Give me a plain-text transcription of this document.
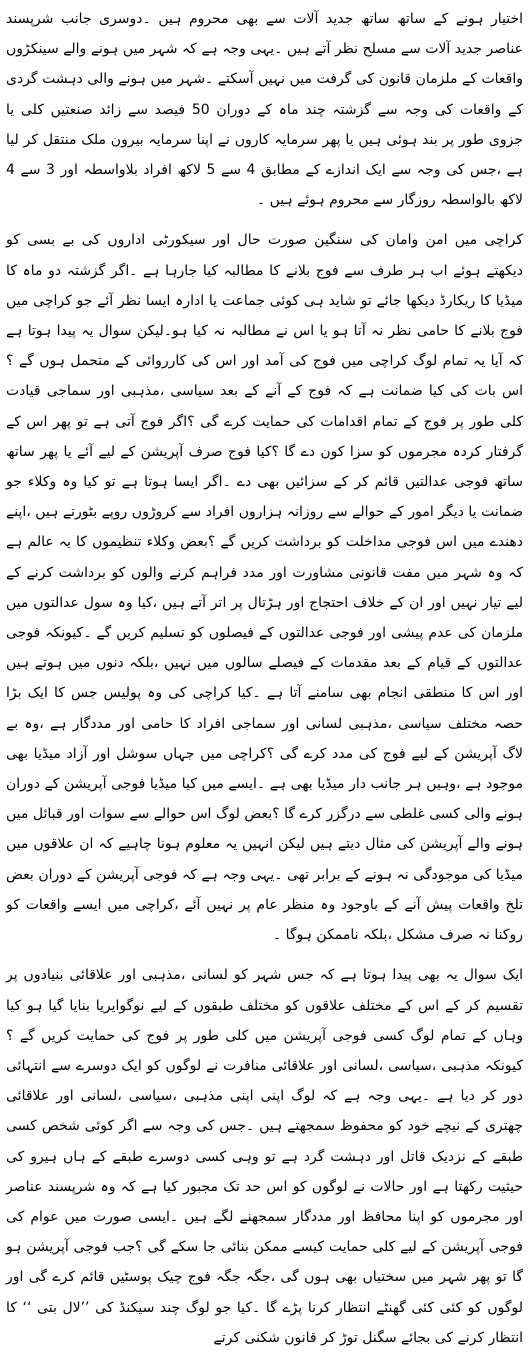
اختیار ہونے کے ساتھ ساتھ جدید آلات سے بھی محروم ہیں ۔دوسری جانب شرپسند عناصر جدید آلات سے مسلح نظر آتے ہیں ۔یہی وجہ ہے کہ شہر میں ہونے والے سینکڑوں واقعات کے ملزمان قانون کی گرفت میں نہیں آسکتے ۔شہر میں ہونے والی دہشت گردی کے واقعات کی وجہ سے گزشتہ چند ماہ کے دوران 50 فیصد سے زائد صنعتیں کلی یا جزوی طور پر بند ہوئی ہیں یا پھر سرمایہ کاروں نے اپنا سرمایہ بیرون ملک منتقل کر لیا ہے ،جس کی وجہ سے ایک اندازے کے مطابق 4 سے 5 لاکھ افراد بلاواسطہ اور 3 سے 4 لاکھ بالواسطہ روزگار سے محروم ہوئے ہیں ۔

کراچی میں امن وامان کی سنگین صورت حال اور سیکورٹی اداروں کی بے بسی کو دیکھتے ہوئے اب ہر طرف سے فوج بلانے کا مطالبہ کیا جارہا ہے ۔اگر گزشتہ دو ماہ کا میڈیا کا ریکارڈ دیکھا جائے تو شاید ہی کوئی جماعت یا ادارہ ایسا نظر آئے جو کراچی میں فوج بلانے کا حامی نظر نہ آتا ہو یا اس نے مطالبہ نہ کیا ہو۔لیکن سوال یہ پیدا ہوتا ہے کہ آیا یہ تمام لوگ کراچی میں فوج کی آمد اور اس کی کارروائی کے متحمل ہوں گے ؟اس بات کی کیا ضمانت ہے کہ فوج کے آنے کے بعد سیاسی ،مذہبی اور سماجی قیادت کلی طور پر فوج کے تمام اقدامات کی حمایت کرے گی ؟اگر فوج آتی ہے تو پھر اس کے گرفتار کردہ مجرموں کو سزا کون دے گا ؟کیا فوج صرف آپریشن کے لیے آئے یا پھر ساتھ ساتھ فوجی عدالتیں قائم کر کے سزائیں بھی دے ۔اگر ایسا ہوتا ہے تو کیا وہ وکلاء جو ضمانت یا دیگر امور کے حوالے سے روزانہ ہزاروں افراد سے کروڑوں روپے بٹورتے ہیں ،اپنے دھندے میں اس فوجی مداخلت کو برداشت کریں گے ؟بعض وکلاء تنظیموں کا یہ عالم ہے کہ وہ شہر میں مفت قانونی مشاورت اور مدد فراہم کرنے والوں کو برداشت کرنے کے لیے تیار نہیں اور ان کے خلاف احتجاج اور ہڑتال پر اتر آتے ہیں ،کیا وہ سول عدالتوں میں ملزمان کی عدم پیشی اور فوجی عدالتوں کے فیصلوں کو تسلیم کریں گے ۔کیونکہ فوجی عدالتوں کے قیام کے بعد مقدمات کے فیصلے سالوں میں نہیں ،بلکہ دنوں میں ہوتے ہیں اور اس کا منطقی انجام بھی سامنے آتا ہے ۔کیا کراچی کی وہ پولیس جس کا ایک بڑا حصہ مختلف سیاسی ،مذہبی لسانی اور سماجی افراد کا حامی اور مددگار ہے ،وہ بے لاگ آپریشن کے لیے فوج کی مدد کرے گی ؟کراچی میں جہاں سوشل اور آزاد میڈیا بھی موجود ہے ،وہیں ہر جانب دار میڈیا بھی ہے ۔ایسے میں کیا میڈیا فوجی آپریشن کے دوران ہونے والی کسی غلطی سے درگزر کرے گا ؟بعض لوگ اس حوالے سے سوات اور قبائل میں ہونے والے آپریشن کی مثال دیتے ہیں لیکن انہیں یہ معلوم ہونا چاہیے کہ ان علاقوں میں میڈیا کی موجودگی نہ ہونے کے برابر تھی ۔یہی وجہ ہے کہ فوجی آپریشن کے دوران بعض تلخ واقعات پیش آنے کے باوجود وہ منظر عام پر نہیں آئے ،کراچی میں ایسے واقعات کو روکنا نہ صرف مشکل ،بلکہ ناممکن ہوگا ۔

ایک سوال یہ بھی پیدا ہوتا ہے کہ جس شہر کو لسانی ،مذہبی اور علاقائی بنیادوں پر تقسیم کر کے اس کے مختلف علاقوں کو مختلف طبقوں کے لیے نوگوایریا بنایا گیا ہو کیا وہاں کے تمام لوگ کسی فوجی آپریشن میں کلی طور پر فوج کی حمایت کریں گے ؟کیونکہ مذہبی ،سیاسی ،لسانی اور علاقائی منافرت نے لوگوں کو ایک دوسرے سے انتہائی دور کر دیا ہے ۔یہی وجہ ہے کہ لوگ اپنی اپنی مذہبی ،سیاسی ،لسانی اور علاقائی چھتری کے نیچے خود کو محفوظ سمجھتے ہیں ۔جس کی وجہ سے اگر کوئی شخص کسی طبقے کے نزدیک قاتل اور دہشت گرد ہے تو وہی کسی دوسرے طبقے کے ہاں ہیرو کی حیثیت رکھتا ہے اور حالات نے لوگوں کو اس حد تک مجبور کیا ہے کہ وہ شرپسند عناصر اور مجرموں کو اپنا محافظ اور مددگار سمجھنے لگے ہیں ۔ایسی صورت میں عوام کی فوجی آپریشن کے لیے کلی حمایت کیسے ممکن بنائی جا سکے گی ؟جب فوجی آپریشن ہو گا تو پھر شہر میں سختیاں بھی ہوں گی ،جگہ جگہ فوج چیک پوسٹیں قائم کرے گی اور لوگوں کو کئی کئی گھنٹے انتظار کرنا پڑے گا ۔کیا جو لوگ چند سیکنڈ کی ’’لال بتی ‘‘ کا انتظار کرنے کی بجائے سگنل توڑ کر قانون شکنی کرتے
